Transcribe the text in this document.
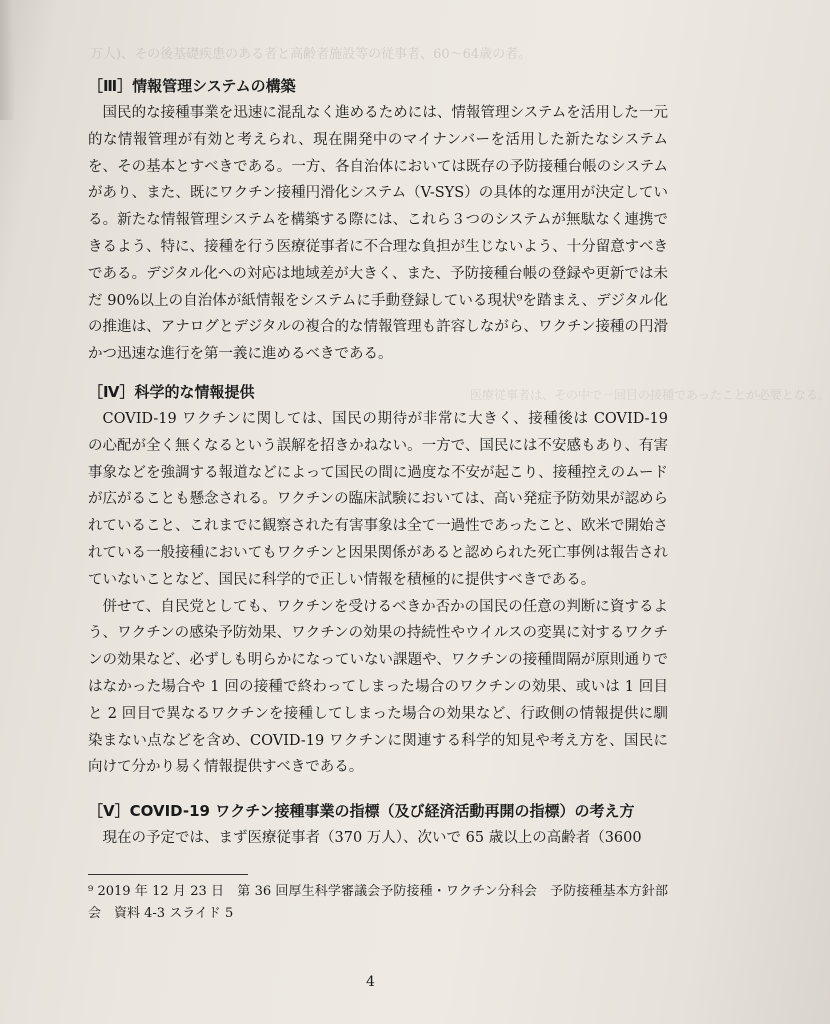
万人)、その後基礎疾患のある者と高齢者施設等の従事者、60〜64歳の者。
医療従事者は、その中で一回目の接種であったことが必要となる。
［Ⅲ］情報管理システムの構築

国民的な接種事業を迅速に混乱なく進めるためには、情報管理システムを活用した一元的な情報管理が有効と考えられ、現在開発中のマイナンバーを活用した新たなシステムを、その基本とすべきである。一方、各自治体においては既存の予防接種台帳のシステムがあり、また、既にワクチン接種円滑化システム（V-SYS）の具体的な運用が決定している。新たな情報管理システムを構築する際には、これら３つのシステムが無駄なく連携できるよう、特に、接種を行う医療従事者に不合理な負担が生じないよう、十分留意すべきである。デジタル化への対応は地域差が大きく、また、予防接種台帳の登録や更新では未だ 90%以上の自治体が紙情報をシステムに手動登録している現状⁹を踏まえ、デジタル化の推進は、アナログとデジタルの複合的な情報管理も許容しながら、ワクチン接種の円滑かつ迅速な進行を第一義に進めるべきである。

［Ⅳ］科学的な情報提供

COVID-19 ワクチンに関しては、国民の期待が非常に大きく、接種後は COVID-19 の心配が全く無くなるという誤解を招きかねない。一方で、国民には不安感もあり、有害事象などを強調する報道などによって国民の間に過度な不安が起こり、接種控えのムードが広がることも懸念される。ワクチンの臨床試験においては、高い発症予防効果が認められていること、これまでに観察された有害事象は全て一過性であったこと、欧米で開始されている一般接種においてもワクチンと因果関係があると認められた死亡事例は報告されていないことなど、国民に科学的で正しい情報を積極的に提供すべきである。

併せて、自民党としても、ワクチンを受けるべきか否かの国民の任意の判断に資するよう、ワクチンの感染予防効果、ワクチンの効果の持続性やウイルスの変異に対するワクチンの効果など、必ずしも明らかになっていない課題や、ワクチンの接種間隔が原則通りではなかった場合や 1 回の接種で終わってしまった場合のワクチンの効果、或いは 1 回目と 2 回目で異なるワクチンを接種してしまった場合の効果など、行政側の情報提供に馴染まない点などを含め、COVID-19 ワクチンに関連する科学的知見や考え方を、国民に向けて分かり易く情報提供すべきである。

［Ⅴ］COVID-19 ワクチン接種事業の指標（及び経済活動再開の指標）の考え方

現在の予定では、まず医療従事者（370 万人）、次いで 65 歳以上の高齢者（3600

⁹ 2019 年 12 月 23 日　第 36 回厚生科学審議会予防接種・ワクチン分科会　予防接種基本方針部会　資料 4-3 スライド 5

4
